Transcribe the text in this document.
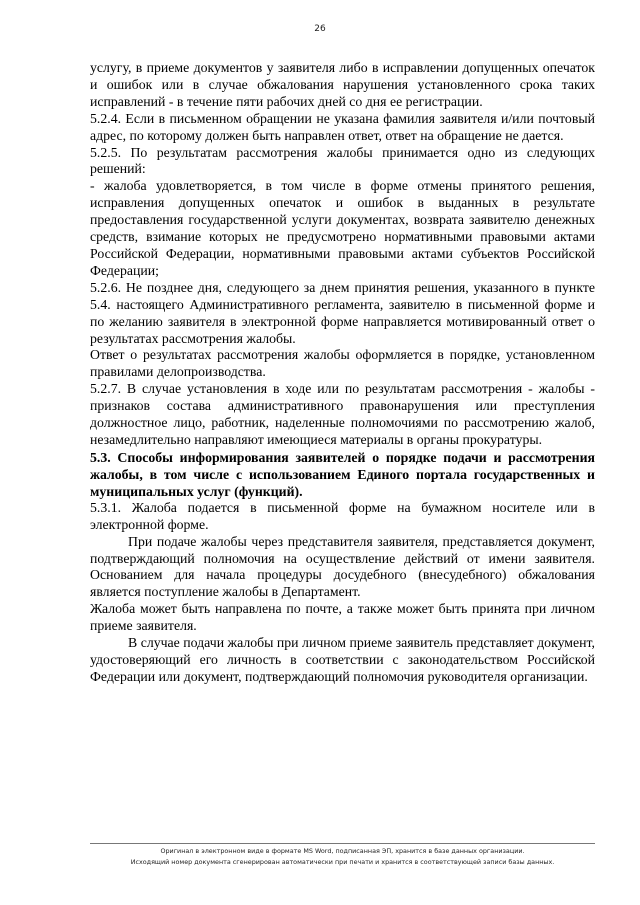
26

услугу, в приеме документов у заявителя либо в исправлении допущенных опечаток и ошибок или в случае обжалования нарушения установленного срока таких исправлений - в течение пяти рабочих дней со дня ее регистрации.

5.2.4. Если в письменном обращении не указана фамилия заявителя и/или почтовый адрес, по которому должен быть направлен ответ, ответ на обращение не дается.

5.2.5. По результатам рассмотрения жалобы принимается одно из следующих решений:

- жалоба удовлетворяется, в том числе в форме отмены принятого решения, исправления допущенных опечаток и ошибок в выданных в результате предоставления государственной услуги документах, возврата заявителю денежных средств, взимание которых не предусмотрено нормативными правовыми актами Российской Федерации, нормативными правовыми актами субъектов Российской Федерации;

5.2.6. Не позднее дня, следующего за днем принятия решения, указанного в пункте 5.4. настоящего Административного регламента, заявителю в письменной форме и по желанию заявителя в электронной форме направляется мотивированный ответ о результатах рассмотрения жалобы.

Ответ о результатах рассмотрения жалобы оформляется в порядке, установленном правилами делопроизводства.

5.2.7. В случае установления в ходе или по результатам рассмотрения - жалобы - признаков состава административного правонарушения или преступления должностное лицо, работник, наделенные полномочиями по рассмотрению жалоб, незамедлительно направляют имеющиеся материалы в органы прокуратуры.

5.3. Способы информирования заявителей о порядке подачи и рассмотрения жалобы, в том числе с использованием Единого портала государственных и муниципальных услуг (функций).

5.3.1. Жалоба подается в письменной форме на бумажном носителе или в электронной форме.

При подаче жалобы через представителя заявителя, представляется документ, подтверждающий полномочия на осуществление действий от имени заявителя. Основанием для начала процедуры досудебного (внесудебного) обжалования является поступление жалобы в Департамент.

Жалоба может быть направлена по почте, а также может быть принята при личном приеме заявителя.

В случае подачи жалобы при личном приеме заявитель представляет документ, удостоверяющий его личность в соответствии с законодательством Российской Федерации или документ, подтверждающий полномочия руководителя организации.

Оригинал в электронном виде в формате MS Word, подписанная ЭП, хранится в базе данных организации.
Исходящий номер документа сгенерирован автоматически при печати и хранится в соответствующей записи базы данных.
